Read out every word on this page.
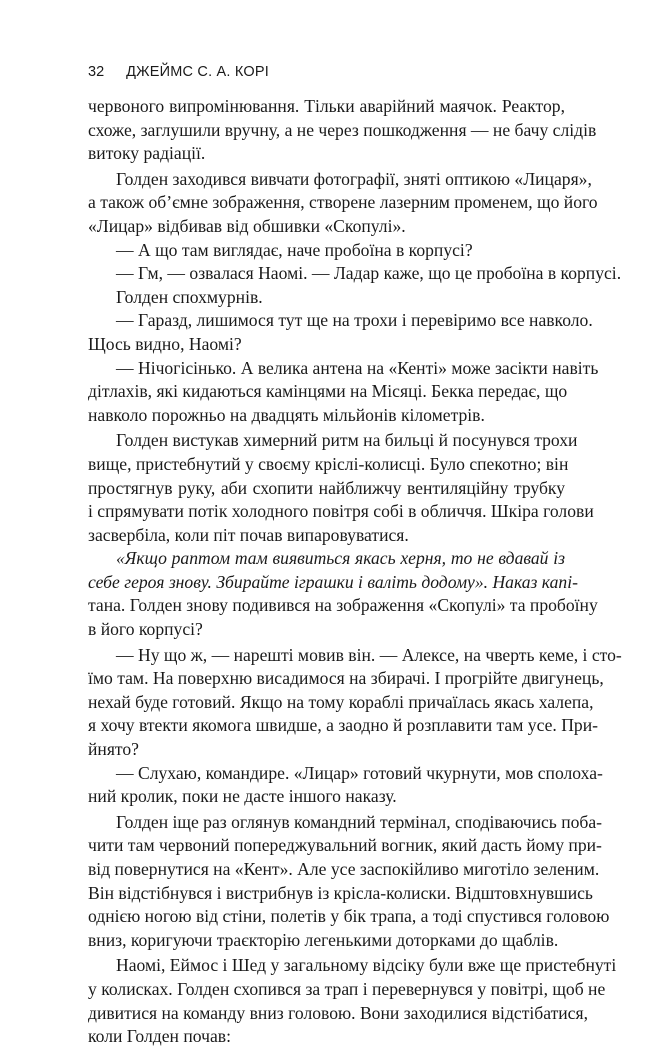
32 ДЖЕЙМС С. А. КОРІ
червоного випромінювання. Тільки аварійний маячок. Реактор,
схоже, заглушили вручну, а не через пошкодження — не бачу слідів
витоку радіації.
Голден заходився вивчати фотографії, зняті оптикою «Лицаря»,
а також об’ємне зображення, створене лазерним променем, що його
«Лицар» відбивав від обшивки «Скопулі».
— А що там виглядає, наче пробоїна в корпусі?
— Гм, — озвалася Наомі. — Ладар каже, що це пробоїна в корпусі.
Голден спохмурнів.
— Гаразд, лишимося тут ще на трохи і перевіримо все навколо.
Щось видно, Наомі?
— Нічогісінько. А велика антена на «Кенті» може засікти навіть
дітлахів, які кидаються камінцями на Місяці. Бекка передає, що
навколо порожньо на двадцять мільйонів кілометрів.
Голден вистукав химерний ритм на бильці й посунувся трохи
вище, пристебнутий у своєму кріслі-колисці. Було спекотно; він
простягнув руку, аби схопити найближчу вентиляційну трубку
і спрямувати потік холодного повітря собі в обличчя. Шкіра голови
засвербіла, коли піт почав випаровуватися.
«Якщо раптом там виявиться якась херня, то не вдавай із
себе героя знову. Збирайте іграшки і валіть додому». Наказ капі-
тана. Голден знову подивився на зображення «Скопулі» та пробоїну
в його корпусі?
— Ну що ж, — нарешті мовив він. — Алексе, на чверть кеме, і сто-
їмо там. На поверхню висадимося на збирачі. І прогрійте двигунець,
нехай буде готовий. Якщо на тому кораблі причаїлась якась халепа,
я хочу втекти якомога швидше, а заодно й розплавити там усе. При-
йнято?
— Слухаю, командире. «Лицар» готовий чкурнути, мов сполоха-
ний кролик, поки не дасте іншого наказу.
Голден іще раз оглянув командний термінал, сподіваючись поба-
чити там червоний попереджувальний вогник, який дасть йому при-
від повернутися на «Кент». Але усе заспокійливо миготіло зеленим.
Він відстібнувся і вистрибнув із крісла-колиски. Відштовхнувшись
однією ногою від стіни, полетів у бік трапа, а тоді спустився головою
вниз, коригуючи траєкторію легенькими доторками до щаблів.
Наомі, Еймос і Шед у загальному відсіку були вже ще пристебнуті
у колисках. Голден схопився за трап і перевернувся у повітрі, щоб не
дивитися на команду вниз головою. Вони заходилися відстібатися,
коли Голден почав:
